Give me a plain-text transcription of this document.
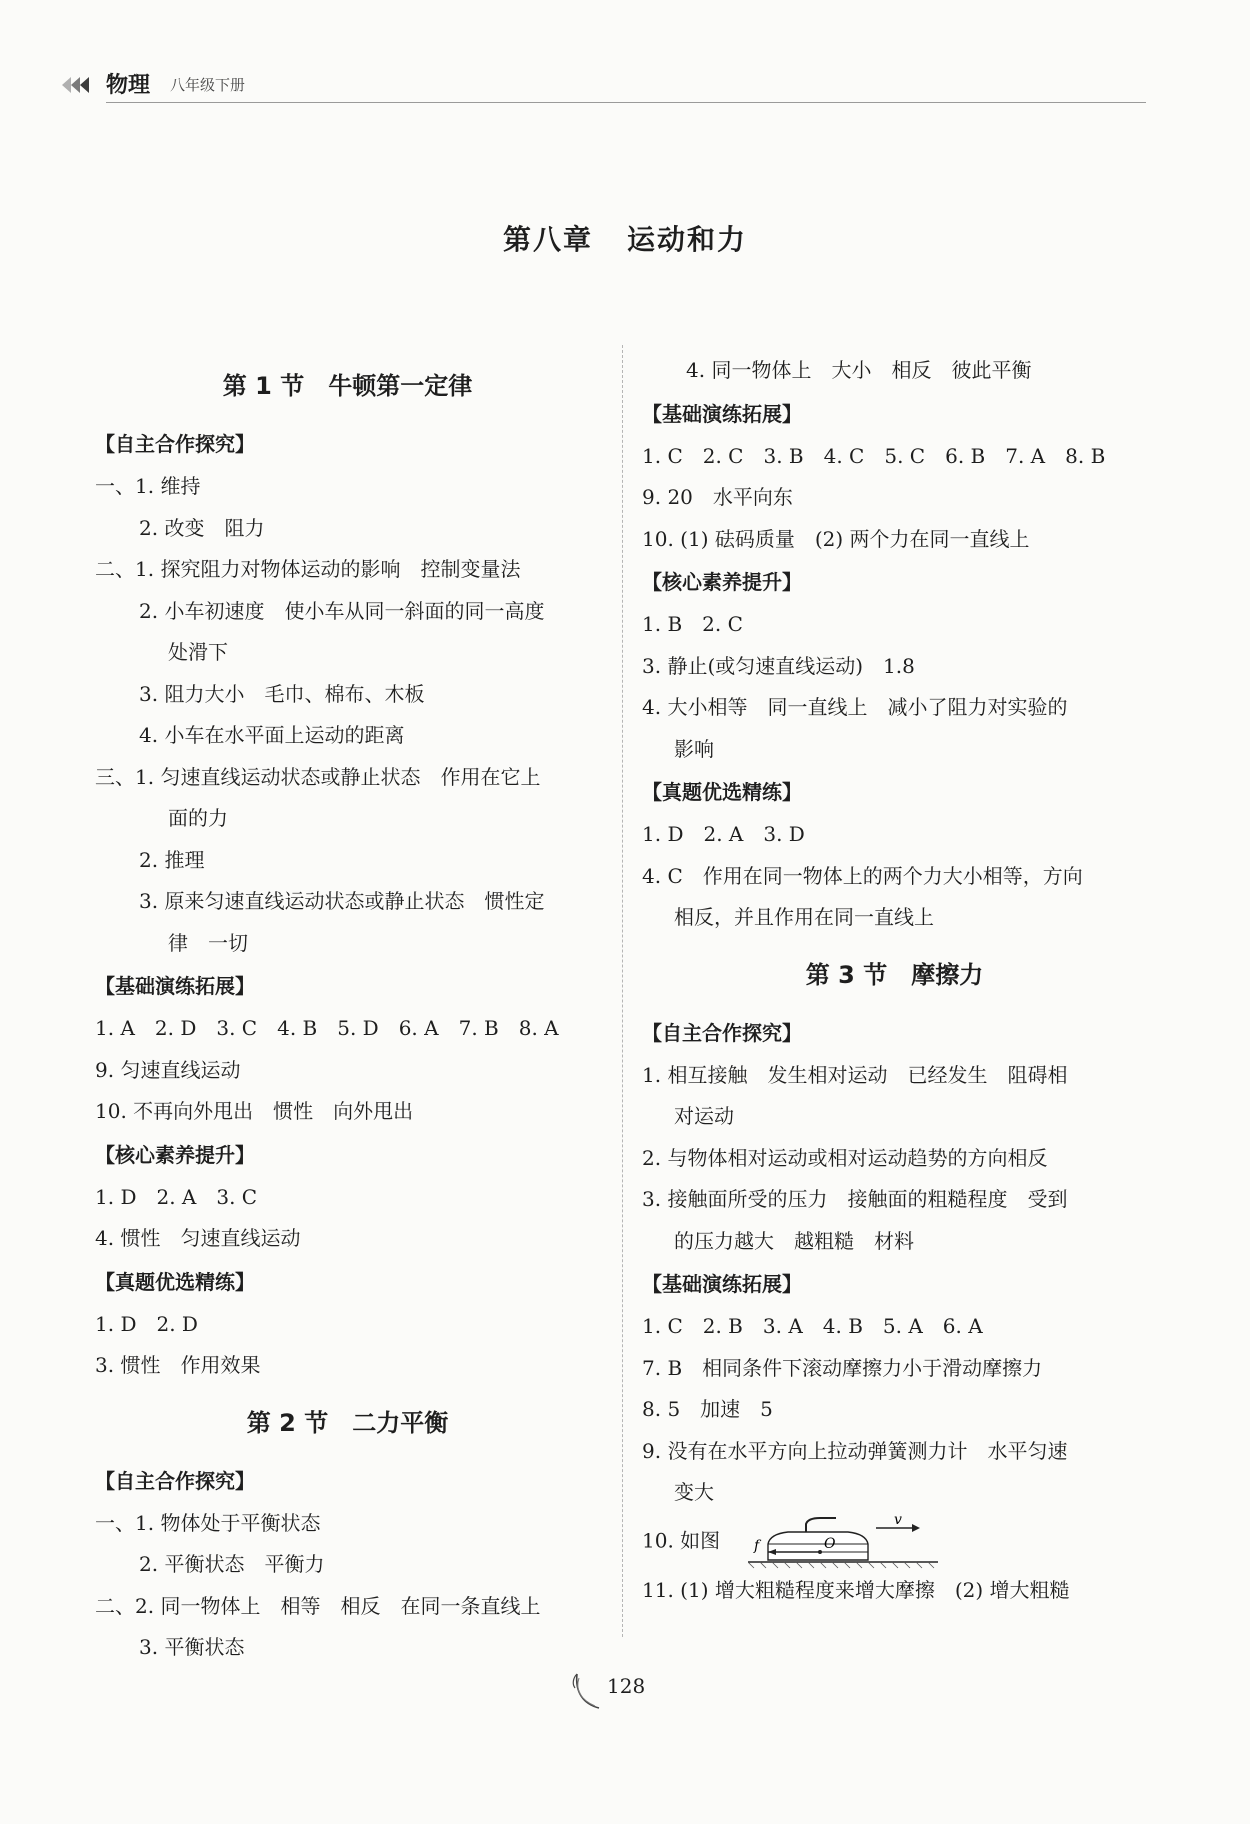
物理 八年级下册
第八章 运动和力
第 1 节　牛顿第一定律
【自主合作探究】
一、1. 维持
2. 改变　阻力
二、1. 探究阻力对物体运动的影响　控制变量法
2. 小车初速度　使小车从同一斜面的同一高度
处滑下
3. 阻力大小　毛巾、棉布、木板
4. 小车在水平面上运动的距离
三、1. 匀速直线运动状态或静止状态　作用在它上
面的力
2. 推理
3. 原来匀速直线运动状态或静止状态　惯性定
律　一切
【基础演练拓展】
1. A　2. D　3. C　4. B　5. D　6. A　7. B　8. A
9. 匀速直线运动
10. 不再向外甩出　惯性　向外甩出
【核心素养提升】
1. D　2. A　3. C
4. 惯性　匀速直线运动
【真题优选精练】
1. D　2. D
3. 惯性　作用效果
第 2 节　二力平衡
【自主合作探究】
一、1. 物体处于平衡状态
2. 平衡状态　平衡力
二、2. 同一物体上　相等　相反　在同一条直线上
3. 平衡状态
4. 同一物体上　大小　相反　彼此平衡
【基础演练拓展】
1. C　2. C　3. B　4. C　5. C　6. B　7. A　8. B
9. 20　水平向东
10. (1) 砝码质量　(2) 两个力在同一直线上
【核心素养提升】
1. B　2. C
3. 静止(或匀速直线运动)　1.8
4. 大小相等　同一直线上　减小了阻力对实验的
影响
【真题优选精练】
1. D　2. A　3. D
4. C　作用在同一物体上的两个力大小相等，方向
相反，并且作用在同一直线上
第 3 节　摩擦力
【自主合作探究】
1. 相互接触　发生相对运动　已经发生　阻碍相
对运动
2. 与物体相对运动或相对运动趋势的方向相反
3. 接触面所受的压力　接触面的粗糙程度　受到
的压力越大　越粗糙　材料
【基础演练拓展】
1. C　2. B　3. A　4. B　5. A　6. A
7. B　相同条件下滚动摩擦力小于滑动摩擦力
8. 5　加速　5
9. 没有在水平方向上拉动弹簧测力计　水平匀速
变大
10. 如图
v
f	O
11. (1) 增大粗糙程度来增大摩擦　(2) 增大粗糙
128
